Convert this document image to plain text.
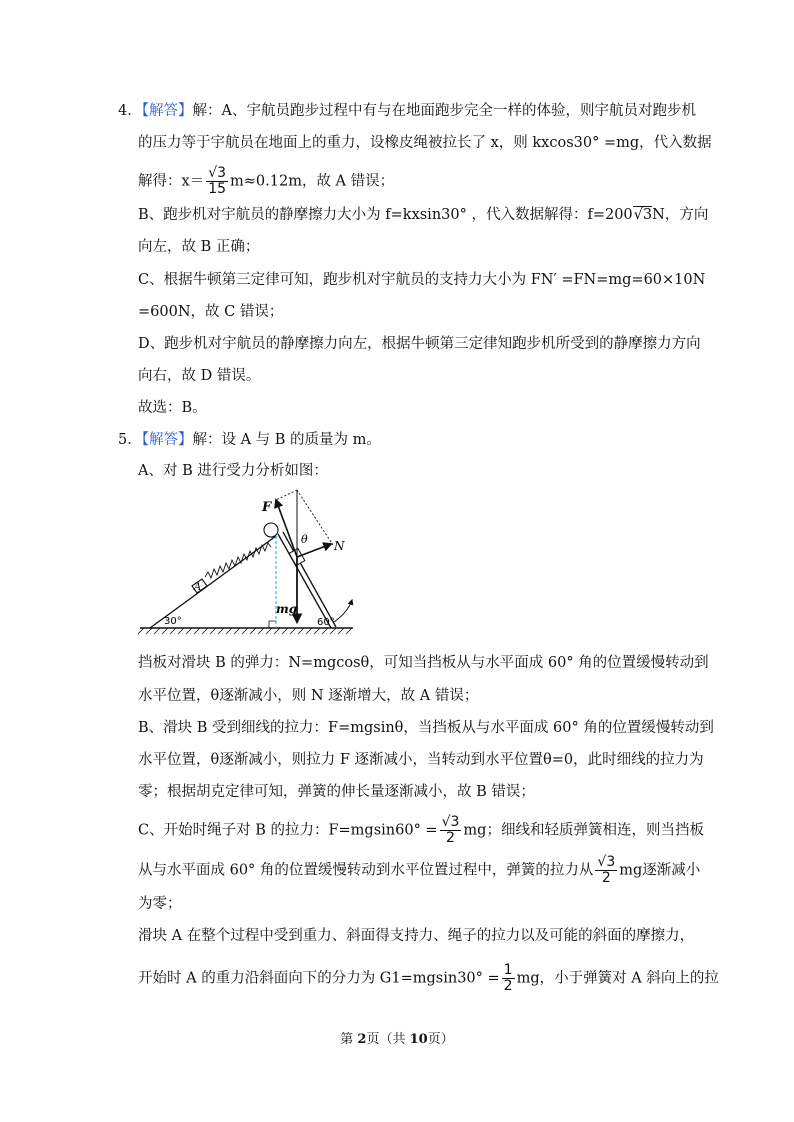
4．【解答】解：A、宇航员跑步过程中有与在地面跑步完全一样的体验，则宇航员对跑步机
的压力等于宇航员在地面上的重力，设橡皮绳被拉长了 x，则 kxcos30° =mg，代入数据
解得：$x= \frac{√3}{15} m\approx 0.12m$，故 A 错误；
B、跑步机对宇航员的静摩擦力大小为 f=kxsin30° ，代入数据解得：f=200√3N，方向
向左，故 B 正确；
C、根据牛顿第三定律可知，跑步机对宇航员的支持力大小为 FN′ =FN=mg=60×10N
=600N，故 C 错误；
D、跑步机对宇航员的静摩擦力向左，根据牛顿第三定律知跑步机所受到的静摩擦力方向
向右，故 D 错误。
故选：B。
5．【解答】解：设 A 与 B 的质量为 m。
A、对 B 进行受力分析如图：
F
θ N
A
mg
30°	60°
挡板对滑块 B 的弹力：N=mgcosθ，可知当挡板从与水平面成 60° 角的位置缓慢转动到
水平位置，θ逐渐减小，则 N 逐渐增大，故 A 错误；
B、滑块 B 受到细线的拉力：F=mgsinθ，当挡板从与水平面成 60° 角的位置缓慢转动到
水平位置，θ逐渐减小，则拉力 F 逐渐减小，当转动到水平位置θ=0，此时细线的拉力为
零；根据胡克定律可知，弹簧的伸长量逐渐减小，故 B 错误；
C、开始时绳子对 B 的拉力：$F=mgsin60^\circ = \frac{√3}{2}$ mg；细线和轻质弹簧相连，则当挡板
从与水平面成 60° 角的位置缓慢转动到水平位置过程中，弹簧的拉力从 $\frac{√3}{2}$ mg逐渐减小
为零；
滑块 A 在整个过程中受到重力、斜面得支持力、绳子的拉力以及可能的斜面的摩擦力，
开始时 A 的重力沿斜面向下的分力为 $G1=mgsin30^\circ = \frac{1}{2}$ mg，小于弹簧对 A 斜向上的拉
第 2页（共 10页）
